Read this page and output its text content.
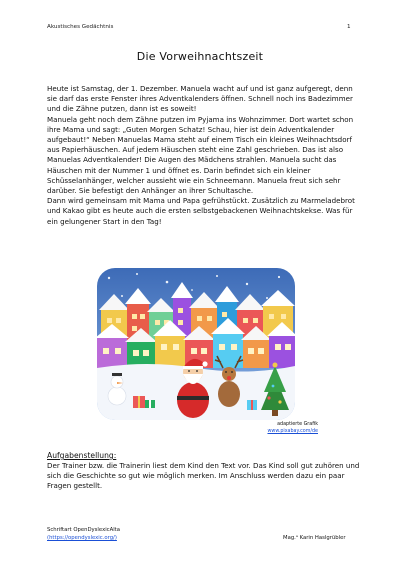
Akustisches Gedächtnis	1
Die Vorweihnachtszeit

Heute ist Samstag, der 1. Dezember. Manuela wacht auf und ist ganz aufgeregt, denn sie darf das erste Fenster ihres Adventkalenders öffnen. Schnell noch ins Badezimmer und die Zähne putzen, dann ist es soweit!

Manuela geht noch dem Zähne putzen im Pyjama ins Wohnzimmer. Dort wartet schon ihre Mama und sagt: „Guten Morgen Schatz! Schau, hier ist dein Adventkalender aufgebaut!“ Neben Manuelas Mama steht auf einem Tisch ein kleines Weihnachtsdorf aus Papierhäuschen. Auf jedem Häuschen steht eine Zahl geschrieben. Das ist also Manuelas Adventkalender! Die Augen des Mädchens strahlen. Manuela sucht das Häuschen mit der Nummer 1 und öffnet es. Darin befindet sich ein kleiner Schüsselanhänger, welcher aussieht wie ein Schneemann. Manuela freut sich sehr darüber. Sie befestigt den Anhänger an ihrer Schultasche.

Dann wird gemeinsam mit Mama und Papa gefrühstückt. Zusätzlich zu Marmeladebrot und Kakao gibt es heute auch die ersten selbstgebackenen Weihnachtskekse. Was für ein gelungener Start in den Tag!

adaptierte Grafik
www.pixabay.com/de
Aufgabenstellung:

Der Trainer bzw. die Trainerin liest dem Kind den Text vor. Das Kind soll gut zuhören und sich die Geschichte so gut wie möglich merken. Im Anschluss werden dazu ein paar Fragen gestellt.

Schriftart OpenDyslexicAlta
(https://opendyslexic.org/)	Mag.ᵃ Karin Haslgrübler
